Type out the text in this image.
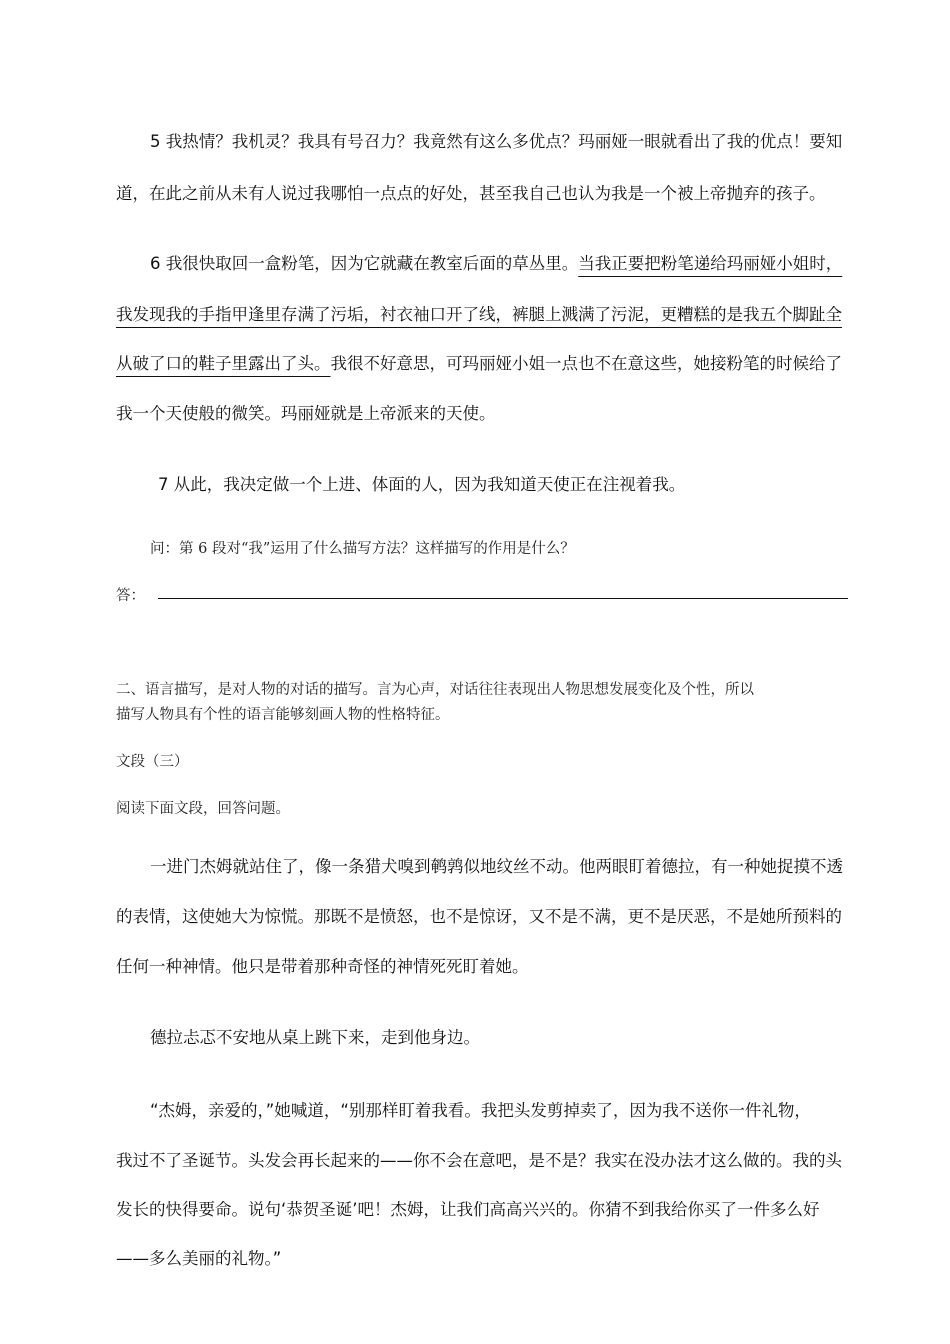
5 我热情？我机灵？我具有号召力？我竟然有这么多优点？玛丽娅一眼就看出了我的优点！要知
道，在此之前从未有人说过我哪怕一点点的好处，甚至我自己也认为我是一个被上帝抛弃的孩子。
6 我很快取回一盒粉笔，因为它就藏在教室后面的草丛里。当我正要把粉笔递给玛丽娅小姐时，
我发现我的手指甲逢里存满了污垢，衬衣袖口开了线，裤腿上溅满了污泥，更糟糕的是我五个脚趾全
从破了口的鞋子里露出了头。我很不好意思，可玛丽娅小姐一点也不在意这些，她接粉笔的时候给了
我一个天使般的微笑。玛丽娅就是上帝派来的天使。
7 从此，我决定做一个上进、体面的人，因为我知道天使正在注视着我。
问：第 6 段对“我”运用了什么描写方法？这样描写的作用是什么？
答：
二、语言描写，是对人物的对话的描写。言为心声，对话往往表现出人物思想发展变化及个性，所以
描写人物具有个性的语言能够刻画人物的性格特征。
文段（三）
阅读下面文段，回答问题。
一进门杰姆就站住了，像一条猎犬嗅到鹌鹑似地纹丝不动。他两眼盯着德拉，有一种她捉摸不透
的表情，这使她大为惊慌。那既不是愤怒，也不是惊讶，又不是不满，更不是厌恶，不是她所预料的
任何一种神情。他只是带着那种奇怪的神情死死盯着她。
德拉忐忑不安地从桌上跳下来，走到他身边。
“杰姆，亲爱的，”她喊道，“别那样盯着我看。我把头发剪掉卖了，因为我不送你一件礼物，
我过不了圣诞节。头发会再长起来的——你不会在意吧，是不是？我实在没办法才这么做的。我的头
发长的快得要命。说句‘恭贺圣诞’吧！杰姆，让我们高高兴兴的。你猜不到我给你买了一件多么好
——多么美丽的礼物。”
